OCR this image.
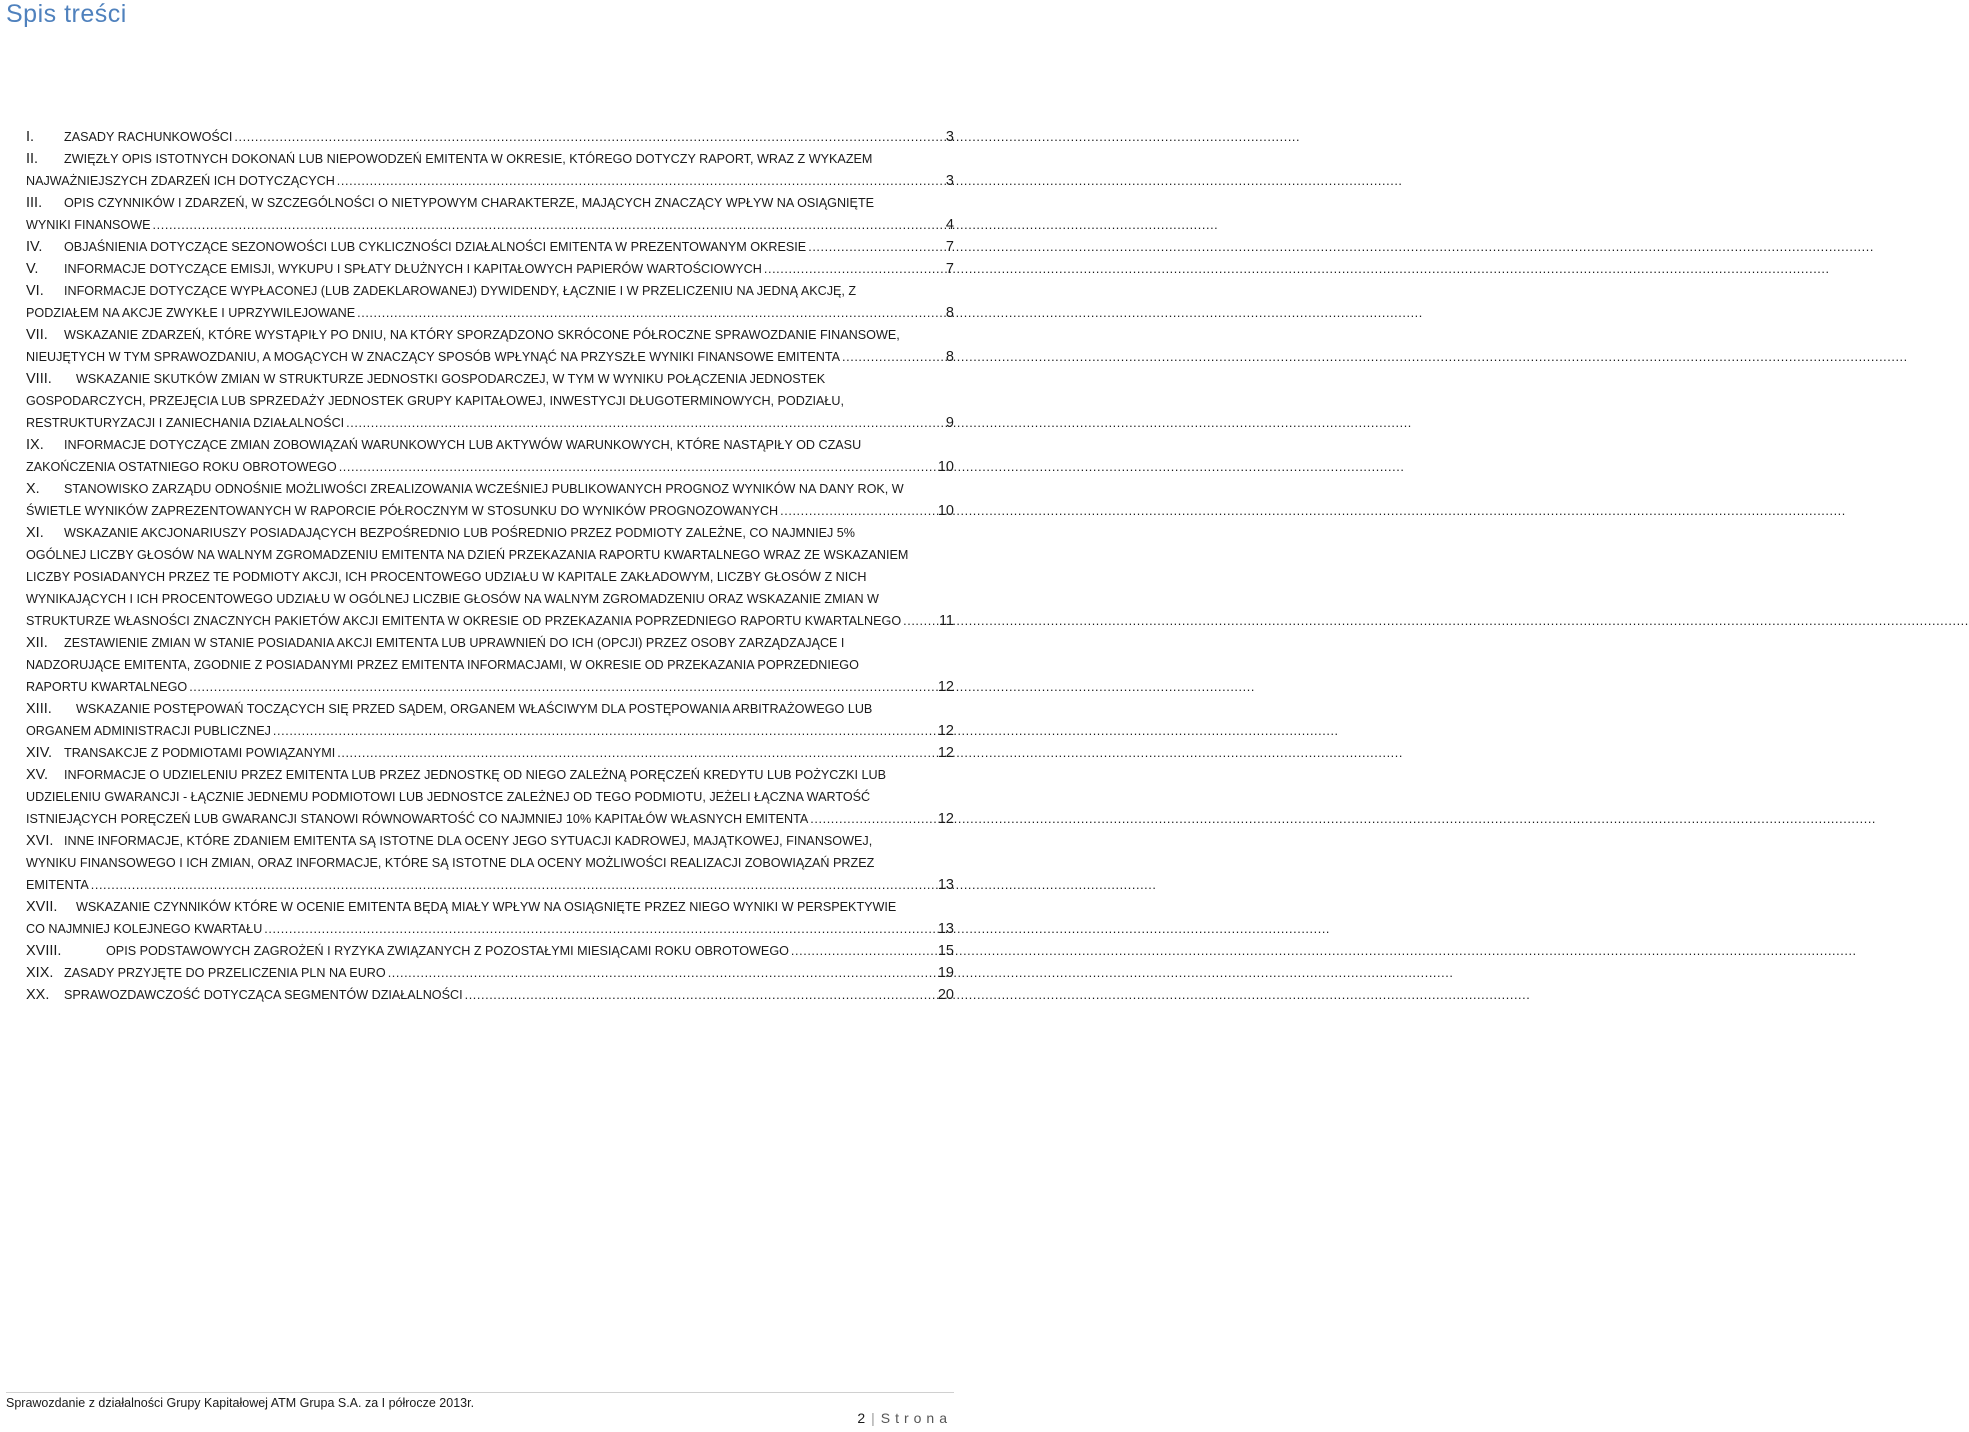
Spis treści
I. ZASADY RACHUNKOWOŚCI .....	3
II. ZWIĘZŁY OPIS ISTOTNYCH DOKONAŃ LUB NIEPOWODZEŃ EMITENTA W OKRESIE, KTÓREGO DOTYCZY RAPORT, WRAZ Z WYKAZEM
NAJWAŻNIEJSZYCH ZDARZEŃ ICH DOTYCZĄCYCH .....	3
III. OPIS CZYNNIKÓW I ZDARZEŃ, W SZCZEGÓLNOŚCI O NIETYPOWYM CHARAKTERZE, MAJĄCYCH ZNACZĄCY WPŁYW NA OSIĄGNIĘTE
WYNIKI FINANSOWE .....	4
IV. OBJAŚNIENIA DOTYCZĄCE SEZONOWOŚCI LUB CYKLICZNOŚCI DZIAŁALNOŚCI EMITENTA W PREZENTOWANYM OKRESIE .....	7
V. INFORMACJE DOTYCZĄCE EMISJI, WYKUPU I SPŁATY DŁUŻNYCH I KAPITAŁOWYCH PAPIERÓW WARTOŚCIOWYCH .....	7
VI. INFORMACJE DOTYCZĄCE WYPŁACONEJ (LUB ZADEKLAROWANEJ) DYWIDENDY, ŁĄCZNIE I W PRZELICZENIU NA JEDNĄ AKCJĘ, Z
PODZIAŁEM NA AKCJE ZWYKŁE I UPRZYWILEJOWANE .....	8
VII. WSKAZANIE ZDARZEŃ, KTÓRE WYSTĄPIŁY PO DNIU, NA KTÓRY SPORZĄDZONO SKRÓCONE PÓŁROCZNE SPRAWOZDANIE FINANSOWE,
NIEUJĘTYCH W TYM SPRAWOZDANIU, A MOGĄCYCH W ZNACZĄCY SPOSÓB WPŁYNĄĆ NA PRZYSZŁE WYNIKI FINANSOWE EMITENTA .....	8
VIII. WSKAZANIE SKUTKÓW ZMIAN W STRUKTURZE JEDNOSTKI GOSPODARCZEJ, W TYM W WYNIKU POŁĄCZENIA JEDNOSTEK
GOSPODARCZYCH, PRZEJĘCIA LUB SPRZEDAŻY JEDNOSTEK GRUPY KAPITAŁOWEJ, INWESTYCJI DŁUGOTERMINOWYCH, PODZIAŁU,
RESTRUKTURYZACJI I ZANIECHANIA DZIAŁALNOŚCI .....	9
IX. INFORMACJE DOTYCZĄCE ZMIAN ZOBOWIĄZAŃ WARUNKOWYCH LUB AKTYWÓW WARUNKOWYCH, KTÓRE NASTĄPIŁY OD CZASU
ZAKOŃCZENIA OSTATNIEGO ROKU OBROTOWEGO .....	10
X. STANOWISKO ZARZĄDU ODNOŚNIE MOŻLIWOŚCI ZREALIZOWANIA WCZEŚNIEJ PUBLIKOWANYCH PROGNOZ WYNIKÓW NA DANY ROK, W
ŚWIETLE WYNIKÓW ZAPREZENTOWANYCH W RAPORCIE PÓŁROCZNYM W STOSUNKU DO WYNIKÓW PROGNOZOWANYCH .....	10
XI. WSKAZANIE AKCJONARIUSZY POSIADAJĄCYCH BEZPOŚREDNIO LUB POŚREDNIO PRZEZ PODMIOTY ZALEŻNE, CO NAJMNIEJ 5%
OGÓLNEJ LICZBY GŁOSÓW NA WALNYM ZGROMADZENIU EMITENTA NA DZIEŃ PRZEKAZANIA RAPORTU KWARTALNEGO WRAZ ZE WSKAZANIEM
LICZBY POSIADANYCH PRZEZ TE PODMIOTY AKCJI, ICH PROCENTOWEGO UDZIAŁU W KAPITALE ZAKŁADOWYM, LICZBY GŁOSÓW Z NICH
WYNIKAJĄCYCH I ICH PROCENTOWEGO UDZIAŁU W OGÓLNEJ LICZBIE GŁOSÓW NA WALNYM ZGROMADZENIU ORAZ WSKAZANIE ZMIAN W
STRUKTURZE WŁASNOŚCI ZNACZNYCH PAKIETÓW AKCJI EMITENTA W OKRESIE OD PRZEKAZANIA POPRZEDNIEGO RAPORTU KWARTALNEGO .....	11
XII. ZESTAWIENIE ZMIAN W STANIE POSIADANIA AKCJI EMITENTA LUB UPRAWNIEŃ DO ICH (OPCJI) PRZEZ OSOBY ZARZĄDZAJĄCE I
NADZORUJĄCE EMITENTA, ZGODNIE Z POSIADANYMI PRZEZ EMITENTA INFORMACJAMI, W OKRESIE OD PRZEKAZANIA POPRZEDNIEGO
RAPORTU KWARTALNEGO .....	12
XIII. WSKAZANIE POSTĘPOWAŃ TOCZĄCYCH SIĘ PRZED SĄDEM, ORGANEM WŁAŚCIWYM DLA POSTĘPOWANIA ARBITRAŻOWEGO LUB
ORGANEM ADMINISTRACJI PUBLICZNEJ .....	12
XIV. TRANSAKCJE Z PODMIOTAMI POWIĄZANYMI .....	12
XV. INFORMACJE O UDZIELENIU PRZEZ EMITENTA LUB PRZEZ JEDNOSTKĘ OD NIEGO ZALEŻNĄ PORĘCZEŃ KREDYTU LUB POŻYCZKI LUB
UDZIELENIU GWARANCJI - ŁĄCZNIE JEDNEMU PODMIOTOWI LUB JEDNOSTCE ZALEŻNEJ OD TEGO PODMIOTU, JEŻELI ŁĄCZNA WARTOŚĆ
ISTNIEJĄCYCH PORĘCZEŃ LUB GWARANCJI STANOWI RÓWNOWARTOŚĆ CO NAJMNIEJ 10% KAPITAŁÓW WŁASNYCH EMITENTA .....	12
XVI. INNE INFORMACJE, KTÓRE ZDANIEM EMITENTA SĄ ISTOTNE DLA OCENY JEGO SYTUACJI KADROWEJ, MAJĄTKOWEJ, FINANSOWEJ,
WYNIKU FINANSOWEGO I ICH ZMIAN, ORAZ INFORMACJE, KTÓRE SĄ ISTOTNE DLA OCENY MOŻLIWOŚCI REALIZACJI ZOBOWIĄZAŃ PRZEZ
EMITENTA .....	13
XVII. WSKAZANIE CZYNNIKÓW KTÓRE W OCENIE EMITENTA BĘDĄ MIAŁY WPŁYW NA OSIĄGNIĘTE PRZEZ NIEGO WYNIKI W PERSPEKTYWIE
CO NAJMNIEJ KOLEJNEGO KWARTAŁU .....	13
XVIII.	OPIS PODSTAWOWYCH ZAGROŻEŃ I RYZYKA ZWIĄZANYCH Z POZOSTAŁYMI MIESIĄCAMI ROKU OBROTOWEGO .....	15
XIX. ZASADY PRZYJĘTE DO PRZELICZENIA PLN NA EURO .....	19
XX. SPRAWOZDAWCZOŚĆ DOTYCZĄCA SEGMENTÓW DZIAŁALNOŚCI .....	20
Sprawozdanie z działalności Grupy Kapitałowej ATM Grupa S.A. za I półrocze 2013r.
2 | Strona
